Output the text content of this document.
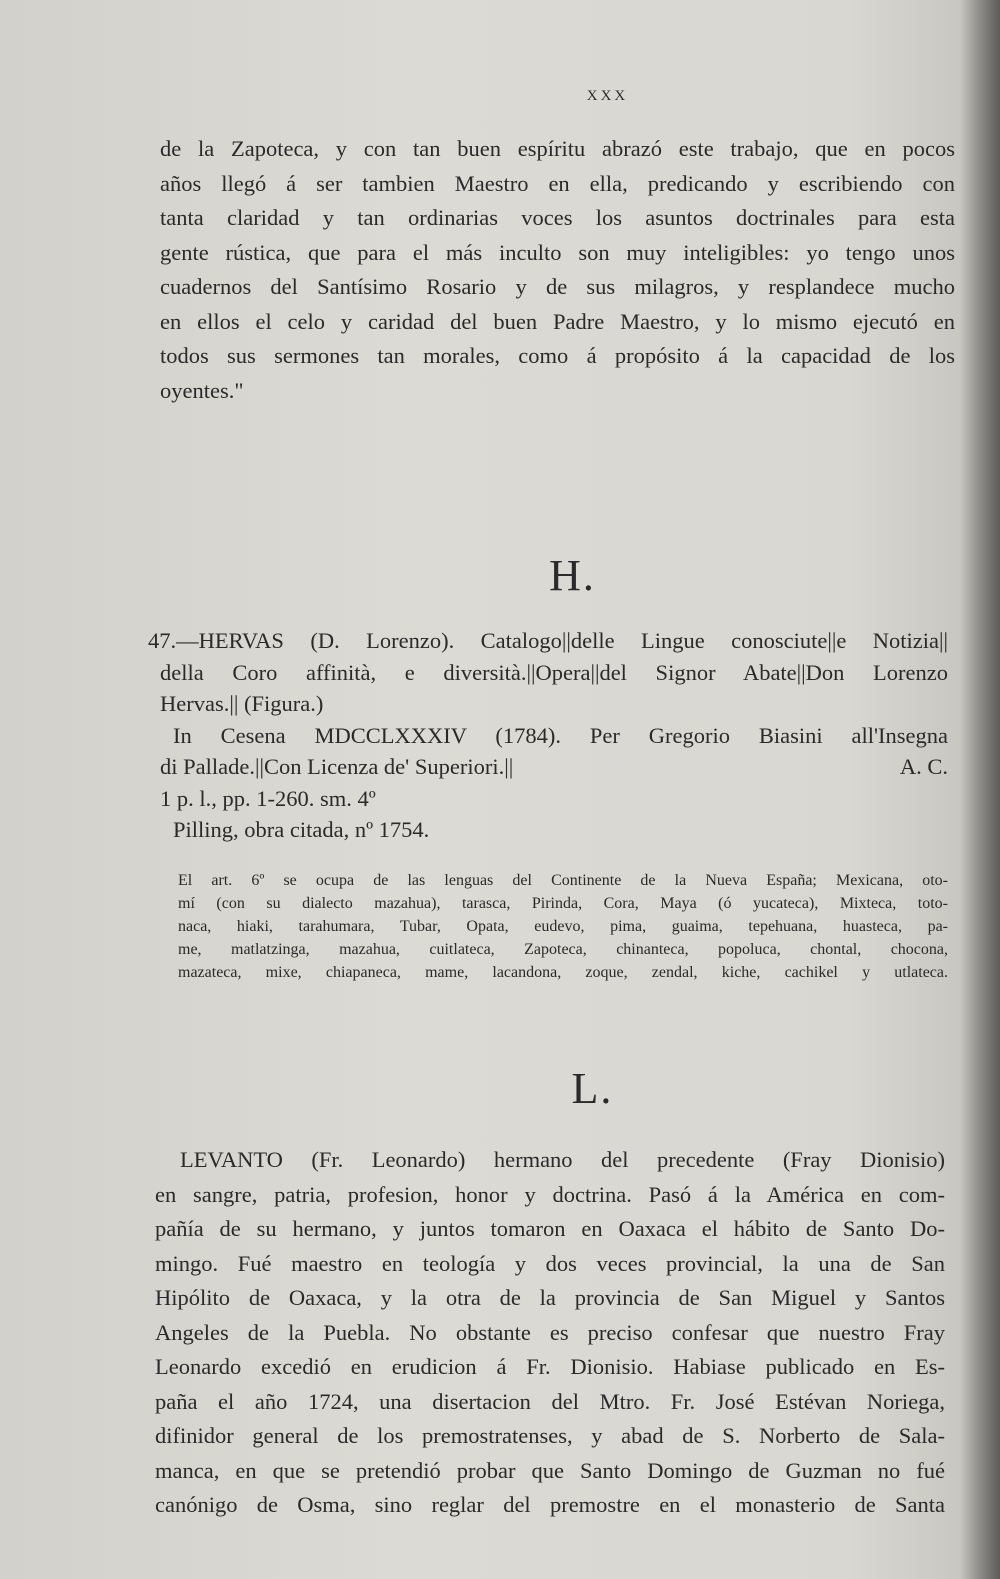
XXX
de la Zapoteca, y con tan buen espíritu abrazó este trabajo, que en pocos
años llegó á ser tambien Maestro en ella, predicando y escribiendo con
tanta claridad y tan ordinarias voces los asuntos doctrinales para esta
gente rústica, que para el más inculto son muy inteligibles: yo tengo unos
cuadernos del Santísimo Rosario y de sus milagros, y resplandece mucho
en ellos el celo y caridad del buen Padre Maestro, y lo mismo ejecutó en
todos sus sermones tan morales, como á propósito á la capacidad de los
oyentes."
H.
47.—HERVAS (D. Lorenzo). Catalogo||delle Lingue conosciute||e Notizia||
della Coro affinità, e diversità.||Opera||del Signor Abate||Don Lorenzo
Hervas.|| (Figura.)
In Cesena MDCCLXXXIV (1784). Per Gregorio Biasini all'Insegna
di Pallade.||Con Licenza de' Superiori.||	A. C.
1 p. l., pp. 1-260. sm. 4º
Pilling, obra citada, nº 1754.
El art. 6º se ocupa de las lenguas del Continente de la Nueva España; Mexicana, oto-
mí (con su dialecto mazahua), tarasca, Pirinda, Cora, Maya (ó yucateca), Mixteca, toto-
naca, hiaki, tarahumara, Tubar, Opata, eudevo, pima, guaima, tepehuana, huasteca, pa-
me, matlatzinga, mazahua, cuitlateca, Zapoteca, chinanteca, popoluca, chontal, chocona,
mazateca, mixe, chiapaneca, mame, lacandona, zoque, zendal, kiche, cachikel y utlateca.
L.
LEVANTO (Fr. Leonardo) hermano del precedente (Fray Dionisio)
en sangre, patria, profesion, honor y doctrina. Pasó á la América en com-
pañía de su hermano, y juntos tomaron en Oaxaca el hábito de Santo Do-
mingo. Fué maestro en teología y dos veces provincial, la una de San
Hipólito de Oaxaca, y la otra de la provincia de San Miguel y Santos
Angeles de la Puebla. No obstante es preciso confesar que nuestro Fray
Leonardo excedió en erudicion á Fr. Dionisio. Habiase publicado en Es-
paña el año 1724, una disertacion del Mtro. Fr. José Estévan Noriega,
difinidor general de los premostratenses, y abad de S. Norberto de Sala-
manca, en que se pretendió probar que Santo Domingo de Guzman no fué
canónigo de Osma, sino reglar del premostre en el monasterio de Santa
